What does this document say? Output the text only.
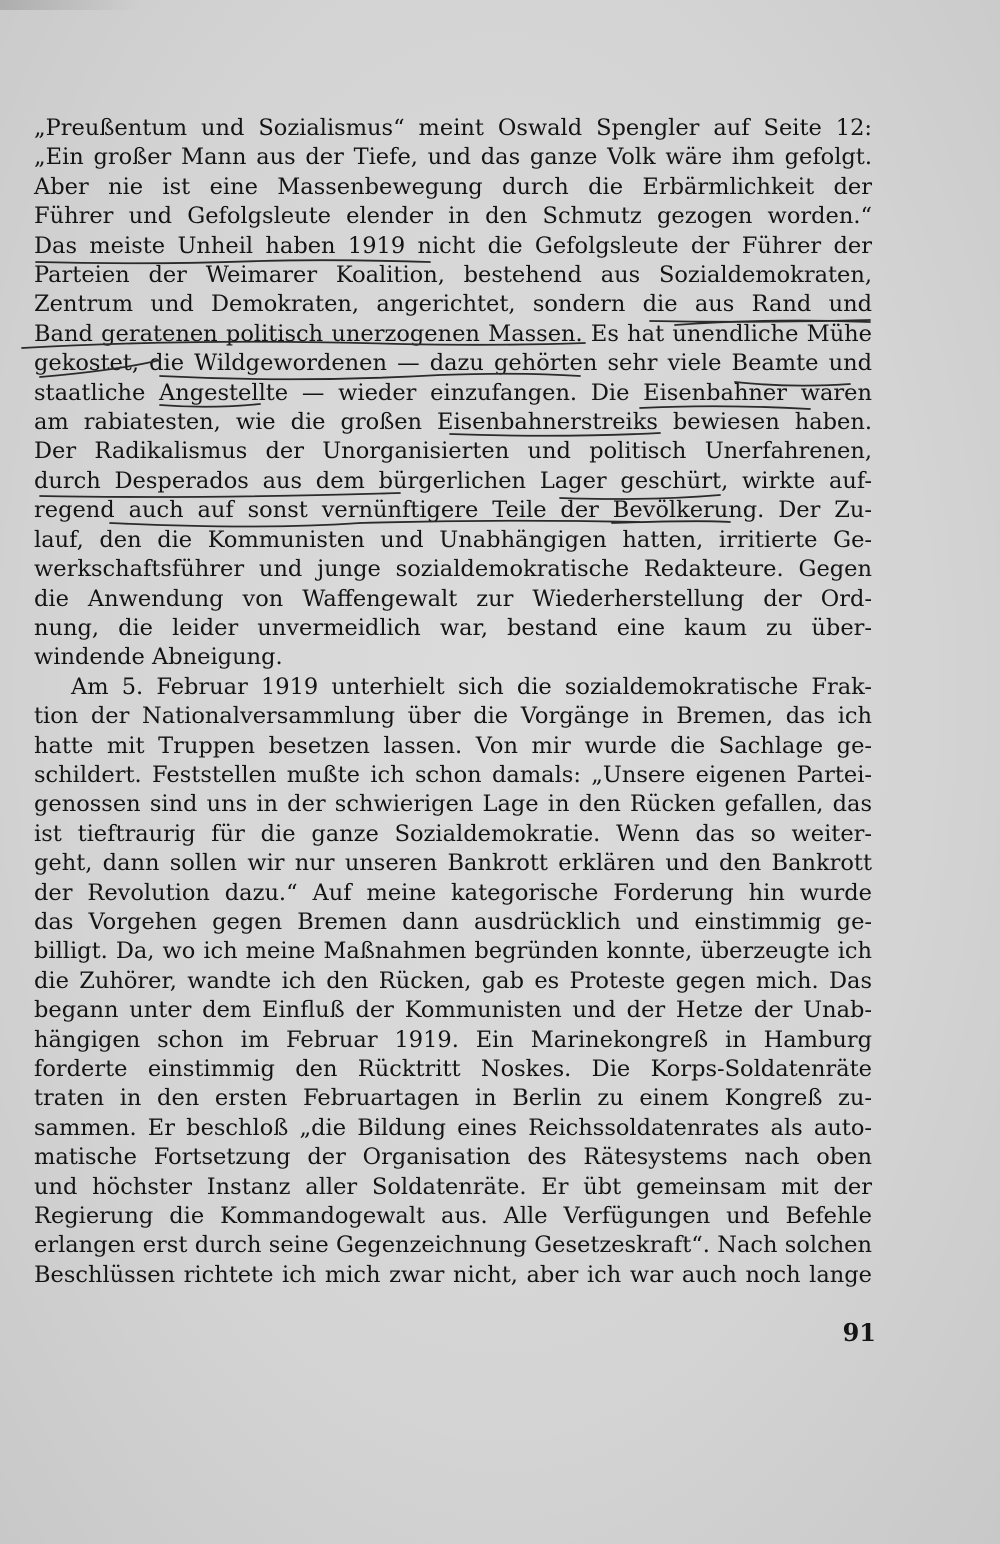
„Preußentum und Sozialismus“ meint Oswald Spengler auf Seite 12:
„Ein großer Mann aus der Tiefe, und das ganze Volk wäre ihm gefolgt.
Aber nie ist eine Massenbewegung durch die Erbärmlichkeit der
Führer und Gefolgsleute elender in den Schmutz gezogen worden.“
Das meiste Unheil haben 1919 nicht die Gefolgsleute der Führer der
Parteien der Weimarer Koalition, bestehend aus Sozialdemokraten,
Zentrum und Demokraten, angerichtet, sondern die aus Rand und
Band geratenen politisch unerzogenen Massen. Es hat unendliche Mühe
gekostet, die Wildgewordenen — dazu gehörten sehr viele Beamte und
staatliche Angestellte — wieder einzufangen. Die Eisenbahner waren
am rabiatesten, wie die großen Eisenbahnerstreiks bewiesen haben.
Der Radikalismus der Unorganisierten und politisch Unerfahrenen,
durch Desperados aus dem bürgerlichen Lager geschürt, wirkte auf-
regend auch auf sonst vernünftigere Teile der Bevölkerung. Der Zu-
lauf, den die Kommunisten und Unabhängigen hatten, irritierte Ge-
werkschaftsführer und junge sozialdemokratische Redakteure. Gegen
die Anwendung von Waffengewalt zur Wiederherstellung der Ord-
nung, die leider unvermeidlich war, bestand eine kaum zu über-
windende Abneigung.
Am 5. Februar 1919 unterhielt sich die sozialdemokratische Frak-
tion der Nationalversammlung über die Vorgänge in Bremen, das ich
hatte mit Truppen besetzen lassen. Von mir wurde die Sachlage ge-
schildert. Feststellen mußte ich schon damals: „Unsere eigenen Partei-
genossen sind uns in der schwierigen Lage in den Rücken gefallen, das
ist tieftraurig für die ganze Sozialdemokratie. Wenn das so weiter-
geht, dann sollen wir nur unseren Bankrott erklären und den Bankrott
der Revolution dazu.“ Auf meine kategorische Forderung hin wurde
das Vorgehen gegen Bremen dann ausdrücklich und einstimmig ge-
billigt. Da, wo ich meine Maßnahmen begründen konnte, überzeugte ich
die Zuhörer, wandte ich den Rücken, gab es Proteste gegen mich. Das
begann unter dem Einfluß der Kommunisten und der Hetze der Unab-
hängigen schon im Februar 1919. Ein Marinekongreß in Hamburg
forderte einstimmig den Rücktritt Noskes. Die Korps-Soldatenräte
traten in den ersten Februartagen in Berlin zu einem Kongreß zu-
sammen. Er beschloß „die Bildung eines Reichssoldatenrates als auto-
matische Fortsetzung der Organisation des Rätesystems nach oben
und höchster Instanz aller Soldatenräte. Er übt gemeinsam mit der
Regierung die Kommandogewalt aus. Alle Verfügungen und Befehle
erlangen erst durch seine Gegenzeichnung Gesetzeskraft“. Nach solchen
Beschlüssen richtete ich mich zwar nicht, aber ich war auch noch lange
91
